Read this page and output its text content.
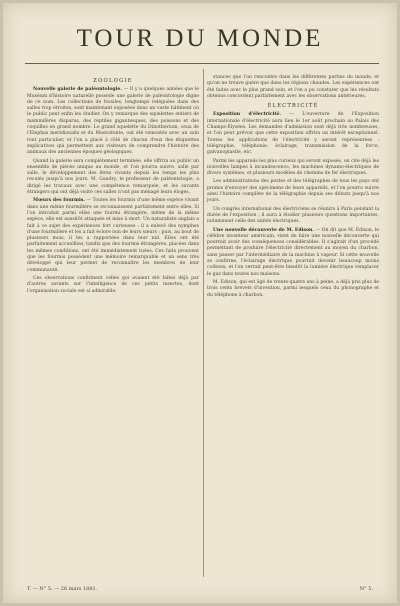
TOUR DU MONDE
ZOOLOGIE

Nouvelle galerie de paléontologie. — Il y a quelques années que le Muséum d'histoire naturelle possède une galerie de paléontologie digne de ce nom. Les collections de fossiles, longtemps reléguées dans des salles trop étroites, sont maintenant exposées dans un vaste bâtiment où le public peut enfin les étudier. On y remarque des squelettes entiers de mammifères disparus, des reptiles gigantesques, des poissons et des coquilles en grand nombre. Le grand squelette du Dinotherium, ceux de l'Elephas meridionalis et du Mastodonte, ont été remontés avec un soin tout particulier, et l'on a placé à côté de chacun d'eux des étiquettes explicatives qui permettent aux visiteurs de comprendre l'histoire des animaux des anciennes époques géologiques.

Quand la galerie sera complètement terminée, elle offrira au public un ensemble de pièces unique au monde, et l'on pourra suivre, salle par salle, le développement des êtres vivants depuis les temps les plus reculés jusqu'à nos jours. M. Gaudry, le professeur de paléontologie, a dirigé les travaux avec une compétence remarquée, et les savants étrangers qui ont déjà visité ces salles n'ont pas ménagé leurs éloges.

Mœurs des fourmis. — Toutes les fourmis d'une même espèce vivant dans une même fourmilière se reconnaissent parfaitement entre elles. Si l'on introduit parmi elles une fourmi étrangère, même de la même espèce, elle est aussitôt attaquée et mise à mort. Un naturaliste anglais a fait à ce sujet des expériences fort curieuses : il a enlevé des nymphes d'une fourmilière et les a fait éclore loin de leurs sœurs ; puis, au bout de plusieurs mois, il les a rapportées dans leur nid. Elles ont été parfaitement accueillies, tandis que des fourmis étrangères, placées dans les mêmes conditions, ont été immédiatement tuées. Ces faits prouvent que les fourmis possèdent une mémoire remarquable et un sens très développé qui leur permet de reconnaître les membres de leur communauté.

Ces observations confirment celles qui avaient été faites déjà par d'autres savants sur l'intelligence de ces petits insectes, dont l'organisation sociale est si admirable.

stances que l'on rencontre dans les différentes parties du monde, et qu'on ne trouve guère que dans les régions chaudes. Les expériences ont été faites avec le plus grand soin, et l'on a pu constater que les résultats obtenus concordent parfaitement avec les observations antérieures.

ÉLECTRICITÉ

Exposition d'électricité. — L'ouverture de l'Exposition internationale d'électricité aura lieu le 1er août prochain au Palais des Champs-Élysées. Les demandes d'admission sont déjà très nombreuses, et l'on peut prévoir que cette exposition offrira un intérêt exceptionnel. Toutes les applications de l'électricité y seront représentées : télégraphie, téléphonie, éclairage, transmission de la force, galvanoplastie, etc.

Parmi les appareils les plus curieux qui seront exposés, on cite déjà les nouvelles lampes à incandescence, les machines dynamo-électriques de divers systèmes, et plusieurs modèles de chemins de fer électriques.

Les administrations des postes et des télégraphes de tous les pays ont promis d'envoyer des spécimens de leurs appareils, et l'on pourra suivre ainsi l'histoire complète de la télégraphie depuis ses débuts jusqu'à nos jours.

Un congrès international des électriciens se réunira à Paris pendant la durée de l'exposition ; il aura à étudier plusieurs questions importantes, notamment celle des unités électriques.

Une nouvelle découverte de M. Edison. — On dit que M. Edison, le célèbre inventeur américain, vient de faire une nouvelle découverte qui pourrait avoir des conséquences considérables. Il s'agirait d'un procédé permettant de produire l'électricité directement au moyen du charbon, sans passer par l'intermédiaire de la machine à vapeur. Si cette nouvelle se confirme, l'éclairage électrique pourrait devenir beaucoup moins coûteux, et l'on verrait peut-être bientôt la lumière électrique remplacer le gaz dans toutes nos maisons.

M. Edison, qui est âgé de trente-quatre ans à peine, a déjà pris plus de trois cents brevets d'invention, parmi lesquels ceux du phonographe et du téléphone à charbon.

T. — N° 5. — 26 mars 1881.	N° 5.
